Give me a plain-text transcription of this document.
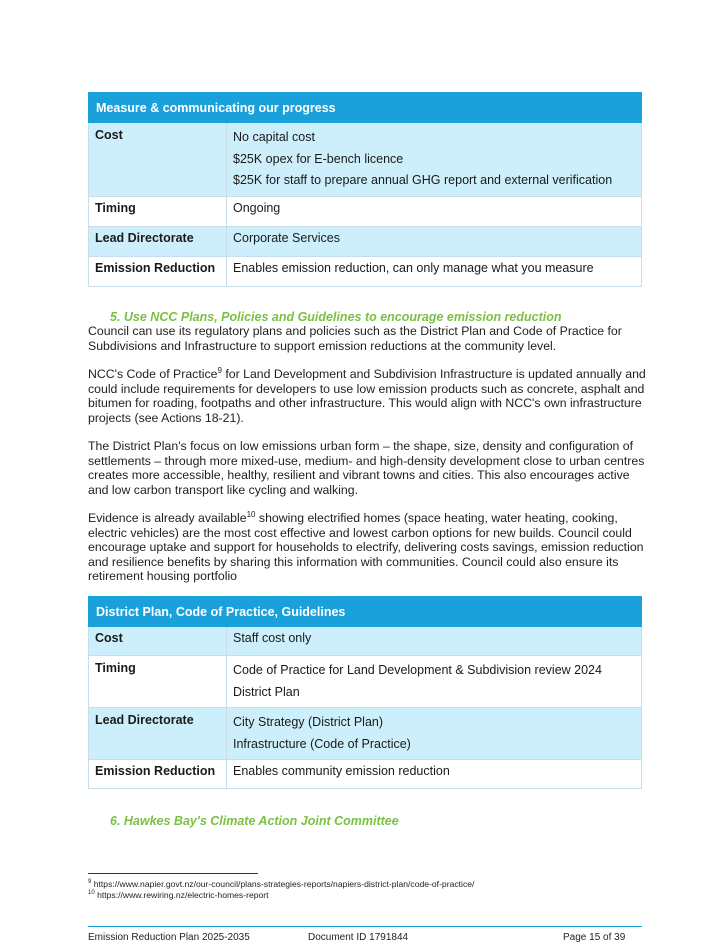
Measure & communicating our progress	
Cost	No capital cost
$25K opex for E-bench licence
$25K for staff to prepare annual GHG report and external verification

Timing	Ongoing
Lead Directorate	Corporate Services
Emission Reduction	Enables emission reduction, can only manage what you measure
5. Use NCC Plans, Policies and Guidelines to encourage emission reduction
Council can use its regulatory plans and policies such as the District Plan and Code of Practice for Subdivisions and Infrastructure to support emission reductions at the community level.
NCC's Code of Practice$^9$ for Land Development and Subdivision Infrastructure is updated annually and could include requirements for developers to use low emission products such as concrete, asphalt and bitumen for roading, footpaths and other infrastructure. This would align with NCC's own infrastructure projects (see Actions 18-21).
The District Plan's focus on low emissions urban form – the shape, size, density and configuration of settlements – through more mixed-use, medium- and high-density development close to urban centres creates more accessible, healthy, resilient and vibrant towns and cities. This also encourages active and low carbon transport like cycling and walking.
Evidence is already available$^{10}$ showing electrified homes (space heating, water heating, cooking, electric vehicles) are the most cost effective and lowest carbon options for new builds. Council could encourage uptake and support for households to electrify, delivering costs savings, emission reduction and resilience benefits by sharing this information with communities. Council could also ensure its retirement housing portfolio
District Plan, Code of Practice, Guidelines	
Cost	Staff cost only
Timing	Code of Practice for Land Development & Subdivision review 2024
District Plan

Lead Directorate	City Strategy (District Plan)
Infrastructure (Code of Practice)

Emission Reduction	Enables community emission reduction
6. Hawkes Bay's Climate Action Joint Committee
$^9$ https://www.napier.govt.nz/our-council/plans-strategies-reports/napiers-district-plan/code-of-practice/
$^{10}$ https://www.rewiring.nz/electric-homes-report
Emission Reduction Plan 2025-2035	Document ID 1791844	Page 15 of 39
